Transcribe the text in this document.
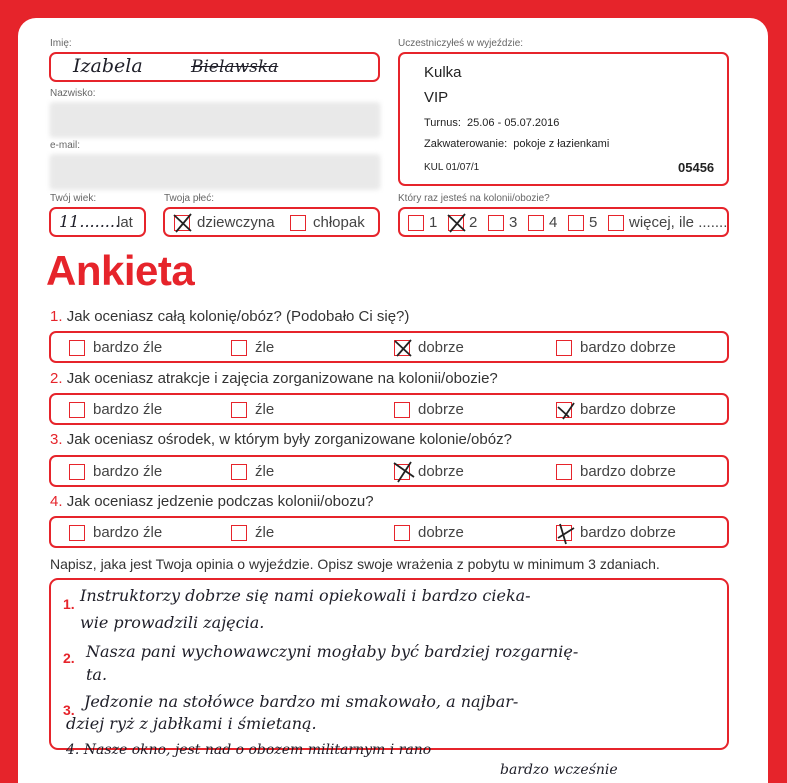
Imię:
Izabela	Bielawska
Nazwisko:
e-mail:
Twój wiek:
11........
lat
Twoja płeć:
dziewczyna	chłopak
Uczestniczyłeś w wyjeździe:
Kulka
VIP
Turnus: 25.06 - 05.07.2016
Zakwaterowanie: pokoje z łazienkami
KUL 01/07/1	05456
Który raz jesteś na kolonii/obozie?
1 2 3 4 5 więcej, ile .......
Ankieta
1. Jak oceniasz całą kolonię/obóz? (Podobało Ci się?)
bardzo źle	źle	dobrze	bardzo dobrze
2. Jak oceniasz atrakcje i zajęcia zorganizowane na kolonii/obozie?
bardzo źle	źle	dobrze	bardzo dobrze
3. Jak oceniasz ośrodek, w którym były zorganizowane kolonie/obóz?
bardzo źle	źle	dobrze	bardzo dobrze
4. Jak oceniasz jedzenie podczas kolonii/obozu?
bardzo źle	źle	dobrze	bardzo dobrze
Napisz, jaka jest Twoja opinia o wyjeździe. Opisz swoje wrażenia z pobytu w minimum 3 zdaniach.
1. Instruktorzy dobrze się nami opiekowali i bardzo cieka-
wie prowadzili zajęcia.
2. Nasza pani wychowawczyni mogłaby być bardziej rozgarnię-
ta.
3. Jedzonie na stołówce bardzo mi smakowało, a najbar-
dziej ryż z jabłkami i śmietaną.
4. Nasze okno, jest nad o obozem militarnym i rano
bardzo wcześnie
